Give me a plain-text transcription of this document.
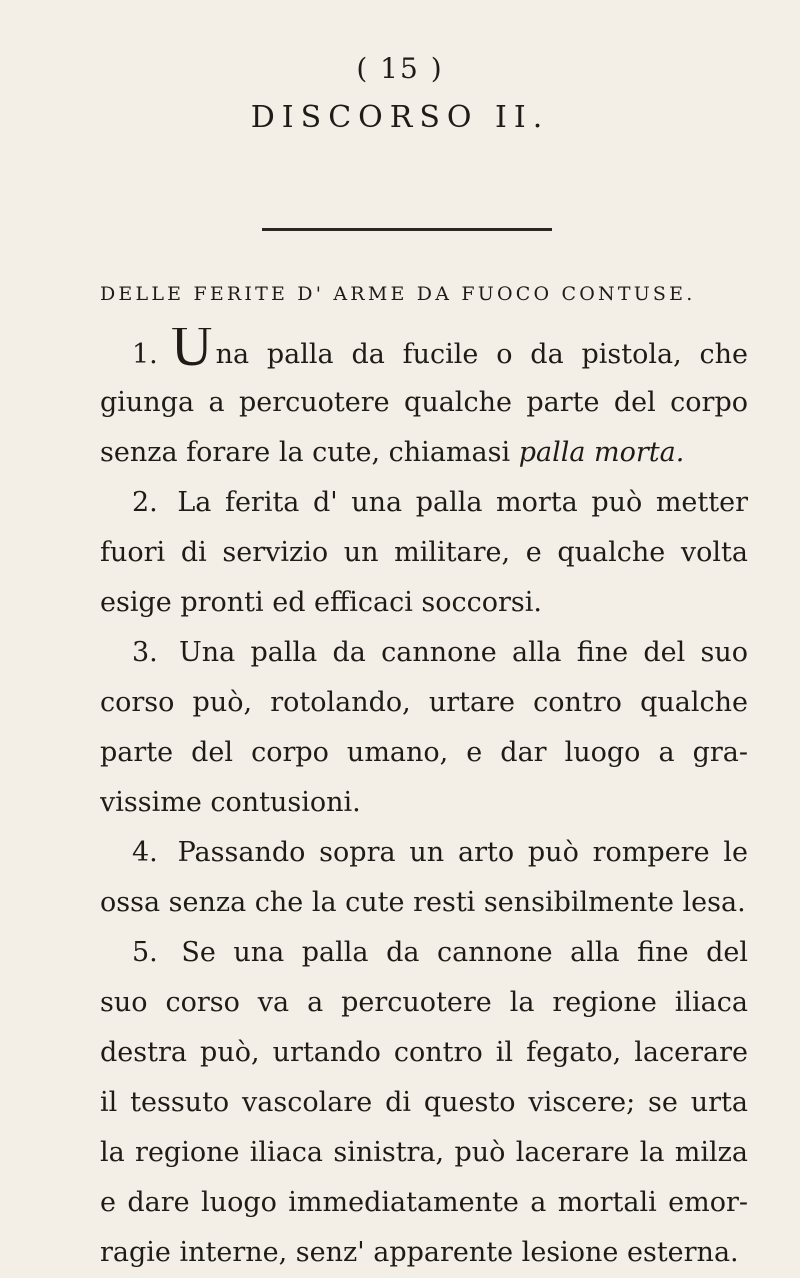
( 15 )
DISCORSO II.
DELLE FERITE D' ARME DA FUOCO CONTUSE.
1. Una palla da fucile o da pistola, che
giunga a percuotere qualche parte del corpo
senza forare la cute, chiamasi palla morta.
2. La ferita d' una palla morta può metter
fuori di servizio un militare, e qualche volta
esige pronti ed efficaci soccorsi.
3. Una palla da cannone alla fine del suo
corso può, rotolando, urtare contro qualche
parte del corpo umano, e dar luogo a gra-
vissime contusioni.
4. Passando sopra un arto può rompere le
ossa senza che la cute resti sensibilmente lesa.
5. Se una palla da cannone alla fine del
suo corso va a percuotere la regione iliaca
destra può, urtando contro il fegato, lacerare
il tessuto vascolare di questo viscere; se urta
la regione iliaca sinistra, può lacerare la milza
e dare luogo immediatamente a mortali emor-
ragie interne, senz' apparente lesione esterna.
